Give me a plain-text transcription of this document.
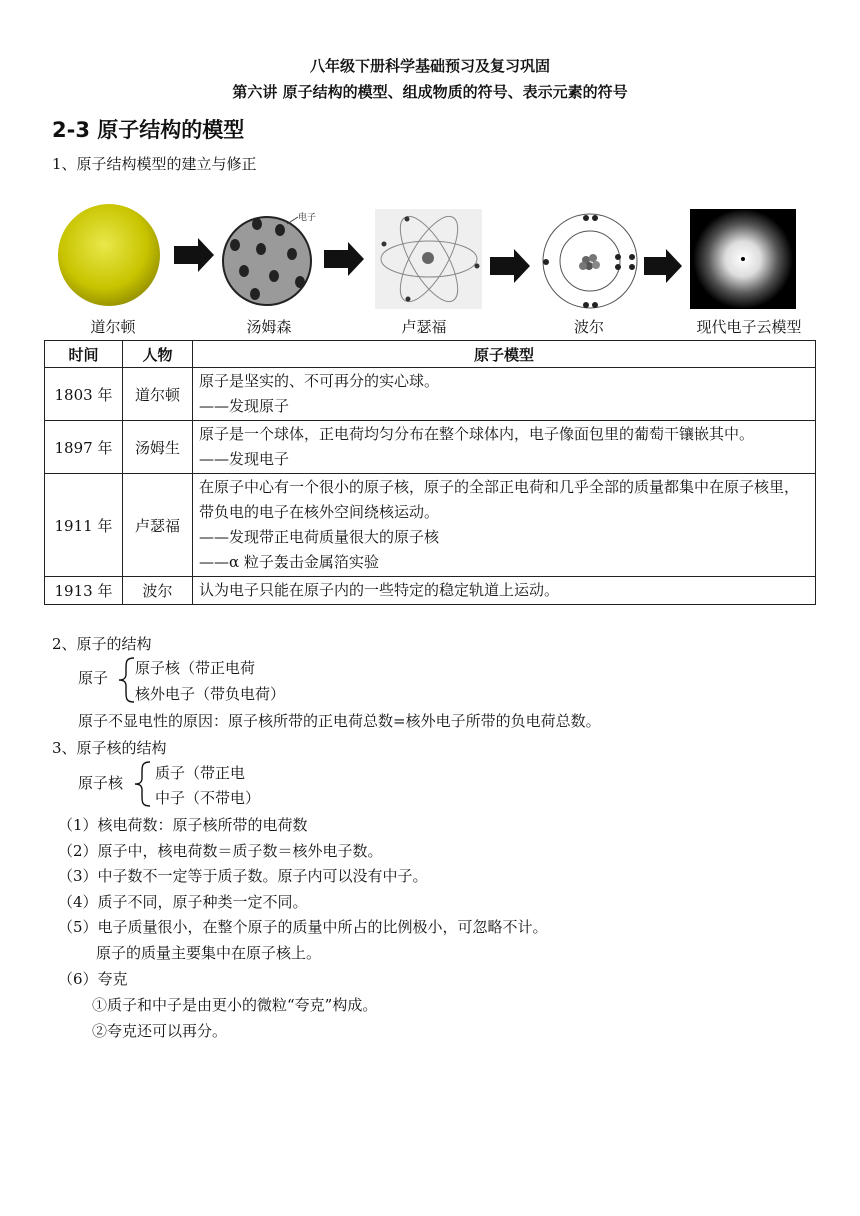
八年级下册科学基础预习及复习巩固
第六讲 原子结构的模型、组成物质的符号、表示元素的符号
2-3 原子结构的模型
1、原子结构模型的建立与修正
电子
道尔顿	汤姆森	卢瑟福	波尔	现代电子云模型
时间	人物	原子模型
1803 年	道尔顿	原子是坚实的、不可再分的实心球。
——发现原子

1897 年	汤姆生	原子是一个球体，正电荷均匀分布在整个球体内，电子像面包里的葡萄干镶嵌其中。
——发现电子

1911 年	卢瑟福	在原子中心有一个很小的原子核，原子的全部正电荷和几乎全部的质量都集中在原子核里，带负电的电子在核外空间绕核运动。
——发现带正电荷质量很大的原子核
——α 粒子轰击金属箔实验

1913 年	波尔	认为电子只能在原子内的一些特定的稳定轨道上运动。
2、原子的结构
原子
原子核（带正电荷
核外电子（带负电荷）
原子不显电性的原因：原子核所带的正电荷总数=核外电子所带的负电荷总数。
3、原子核的结构
原子核
质子（带正电
中子（不带电）
（1）核电荷数：原子核所带的电荷数
（2）原子中，核电荷数＝质子数＝核外电子数。
（3）中子数不一定等于质子数。原子内可以没有中子。
（4）质子不同，原子种类一定不同。
（5）电子质量很小，在整个原子的质量中所占的比例极小，可忽略不计。
原子的质量主要集中在原子核上。
（6）夸克
①质子和中子是由更小的微粒“夸克”构成。
②夸克还可以再分。
